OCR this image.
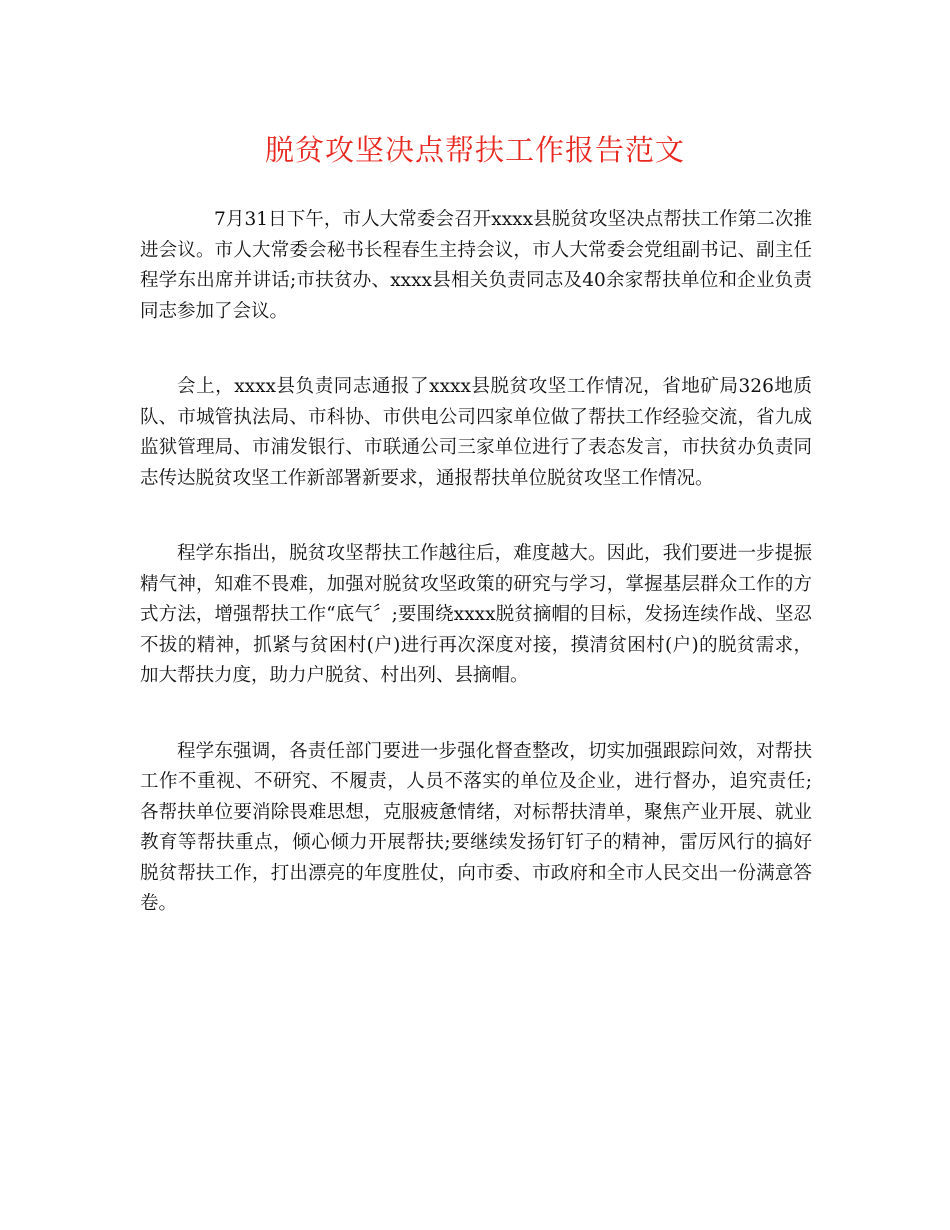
脱贫攻坚决点帮扶工作报告范文

7月31日下午，市人大常委会召开xxxx县脱贫攻坚决点帮扶工作第二次推进会议。市人大常委会秘书长程春生主持会议，市人大常委会党组副书记、副主任程学东出席并讲话;市扶贫办、xxxx县相关负责同志及40余家帮扶单位和企业负责同志参加了会议。

会上，xxxx县负责同志通报了xxxx县脱贫攻坚工作情况，省地矿局326地质队、市城管执法局、市科协、市供电公司四家单位做了帮扶工作经验交流，省九成监狱管理局、市浦发银行、市联通公司三家单位进行了表态发言，市扶贫办负责同志传达脱贫攻坚工作新部署新要求，通报帮扶单位脱贫攻坚工作情况。

程学东指出，脱贫攻坚帮扶工作越往后，难度越大。因此，我们要进一步提振精气神，知难不畏难，加强对脱贫攻坚政策的研究与学习，掌握基层群众工作的方式方法，增强帮扶工作“底气〞;要围绕xxxx脱贫摘帽的目标，发扬连续作战、坚忍不拔的精神，抓紧与贫困村(户)进行再次深度对接，摸清贫困村(户)的脱贫需求，加大帮扶力度，助力户脱贫、村出列、县摘帽。

程学东强调，各责任部门要进一步强化督查整改，切实加强跟踪问效，对帮扶工作不重视、不研究、不履责，人员不落实的单位及企业，进行督办，追究责任;各帮扶单位要消除畏难思想，克服疲惫情绪，对标帮扶清单，聚焦产业开展、就业教育等帮扶重点，倾心倾力开展帮扶;要继续发扬钉钉子的精神，雷厉风行的搞好脱贫帮扶工作，打出漂亮的年度胜仗，向市委、市政府和全市人民交出一份满意答卷。
